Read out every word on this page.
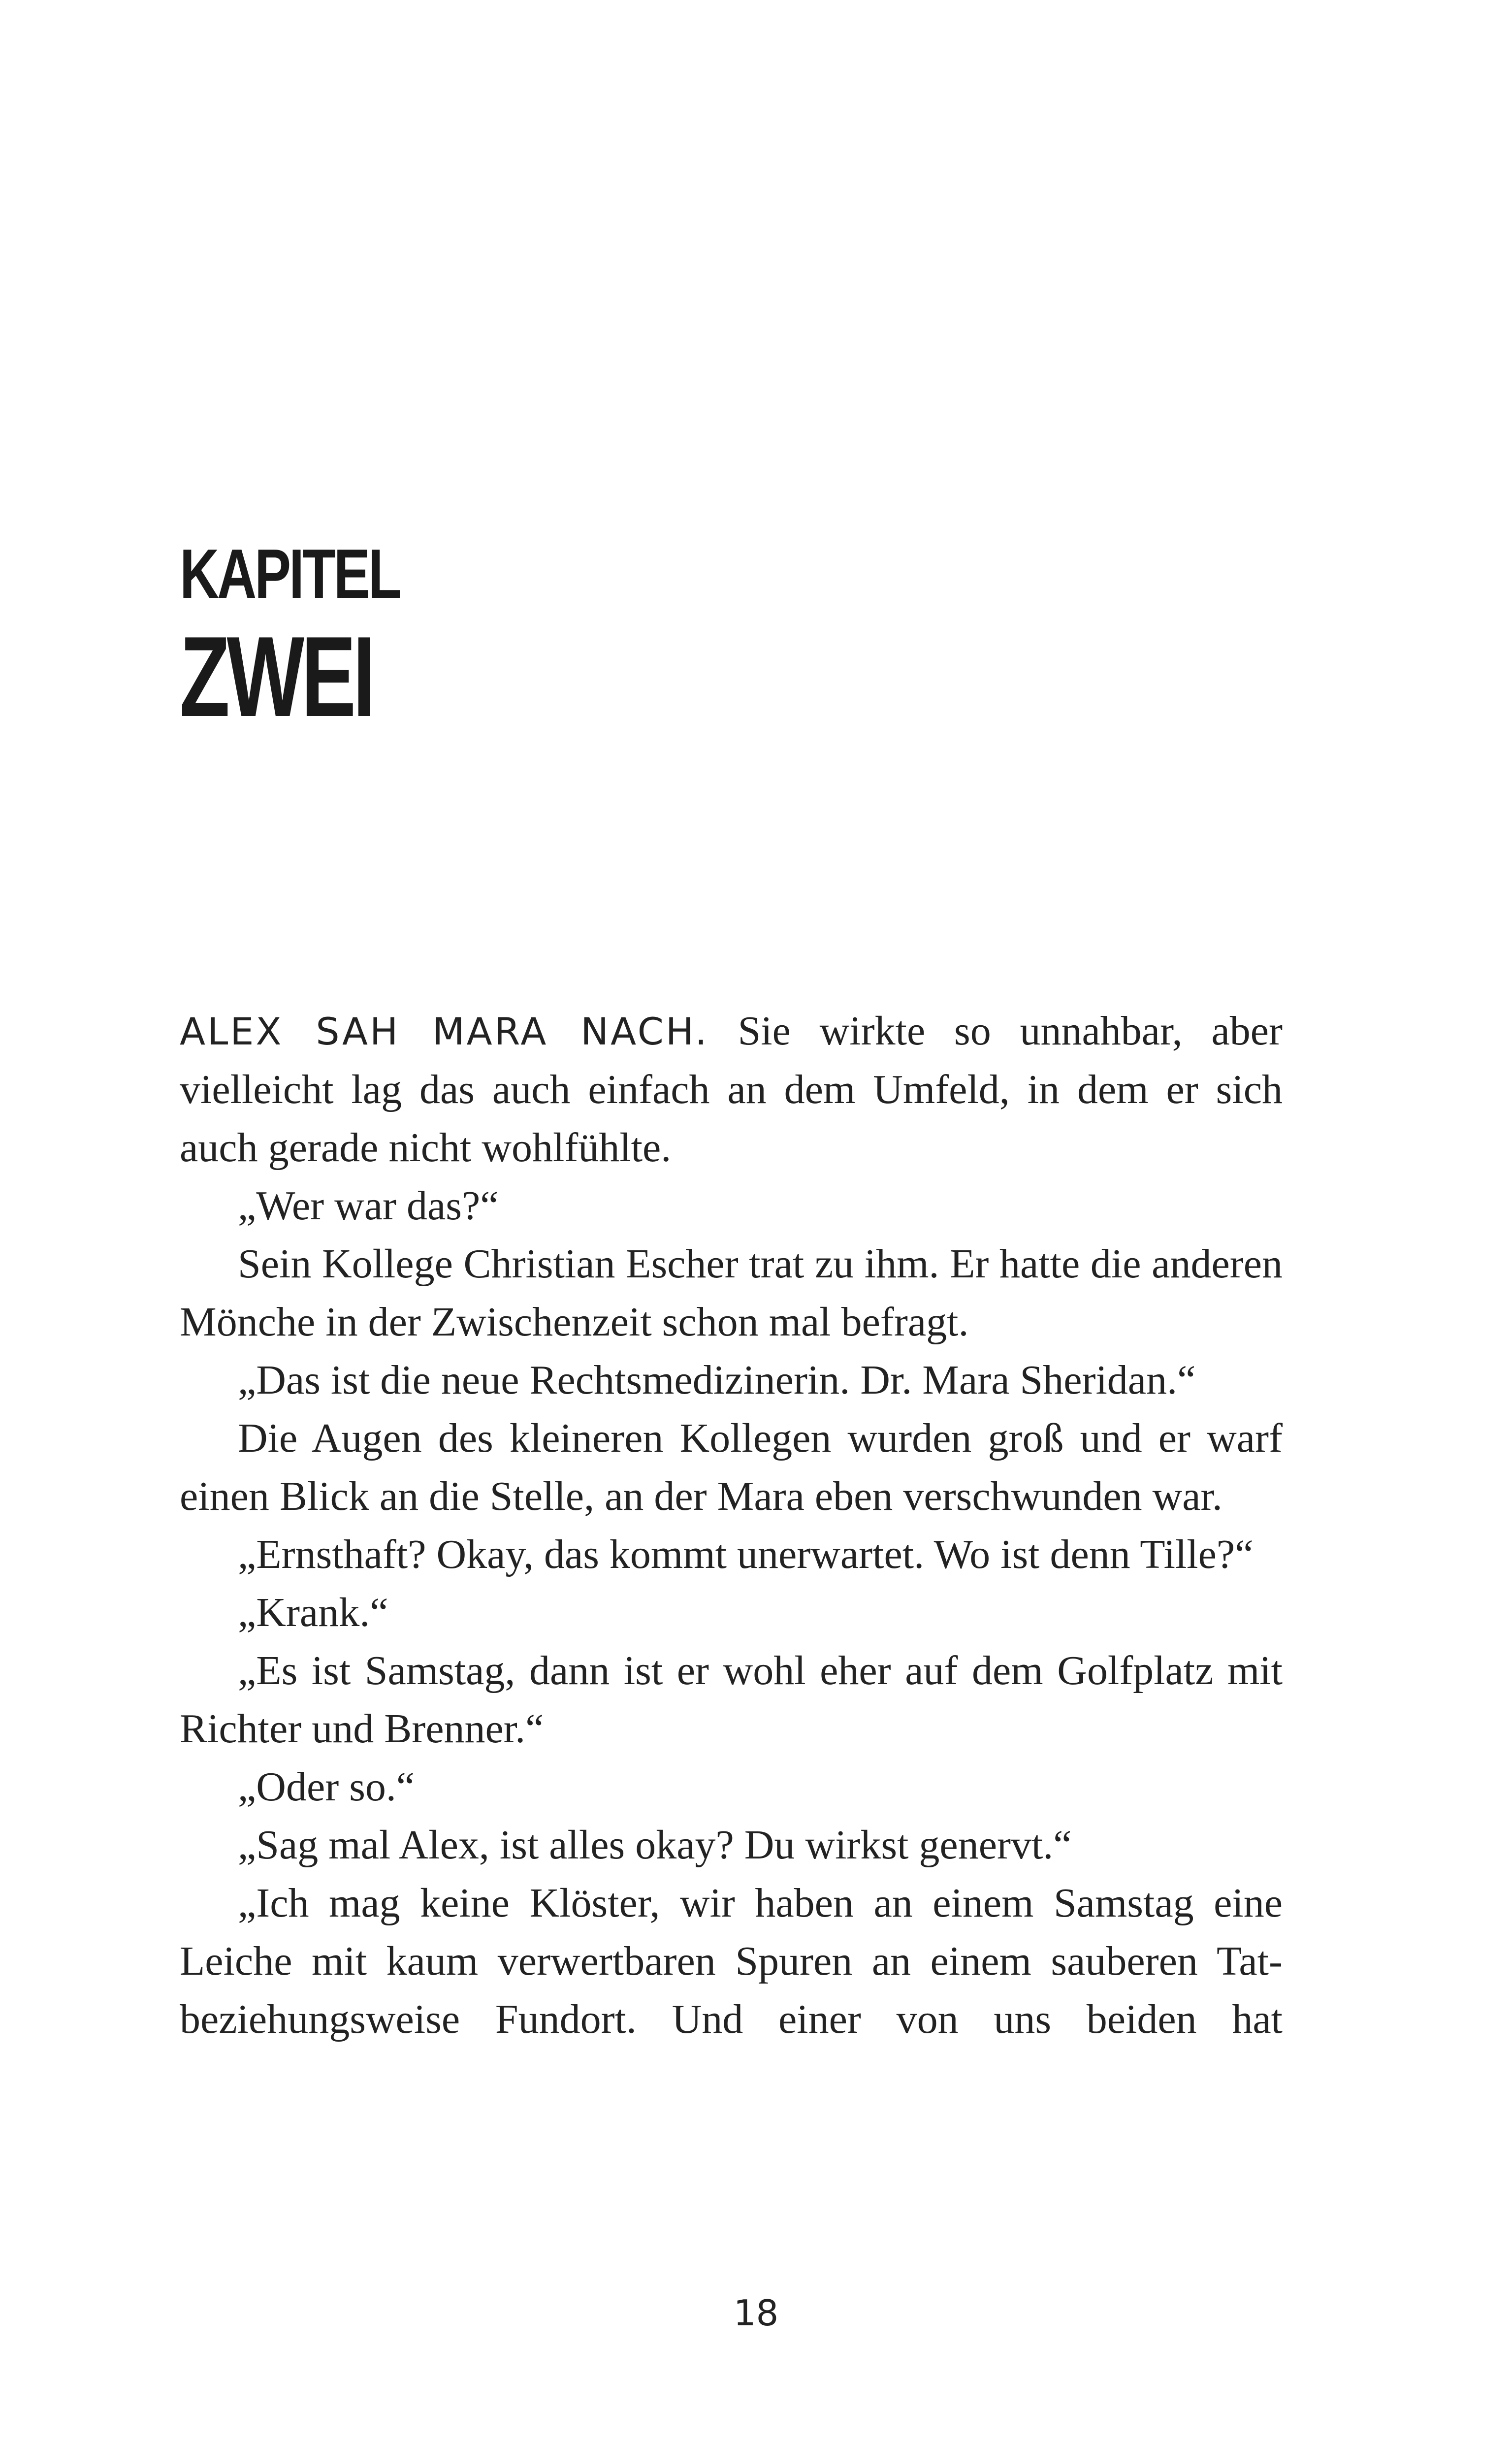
KAPITEL
ZWEI

ALEX SAH MARA NACH. Sie wirkte so unnahbar, aber vielleicht lag das auch einfach an dem Umfeld, in dem er sich auch gerade nicht wohlfühlte.

„Wer war das?“

Sein Kollege Christian Escher trat zu ihm. Er hatte die anderen Mönche in der Zwischenzeit schon mal befragt.

„Das ist die neue Rechtsmedizinerin. Dr. Mara Sheridan.“

Die Augen des kleineren Kollegen wurden groß und er warf einen Blick an die Stelle, an der Mara eben verschwunden war.

„Ernsthaft? Okay, das kommt unerwartet. Wo ist denn Tille?“

„Krank.“

„Es ist Samstag, dann ist er wohl eher auf dem Golfplatz mit Richter und Brenner.“

„Oder so.“

„Sag mal Alex, ist alles okay? Du wirkst genervt.“

„Ich mag keine Klöster, wir haben an einem Samstag eine Leiche mit kaum verwertbaren Spuren an einem sauberen Tatbeziehungsweise Fundort. Und einer von uns beiden hat

18
